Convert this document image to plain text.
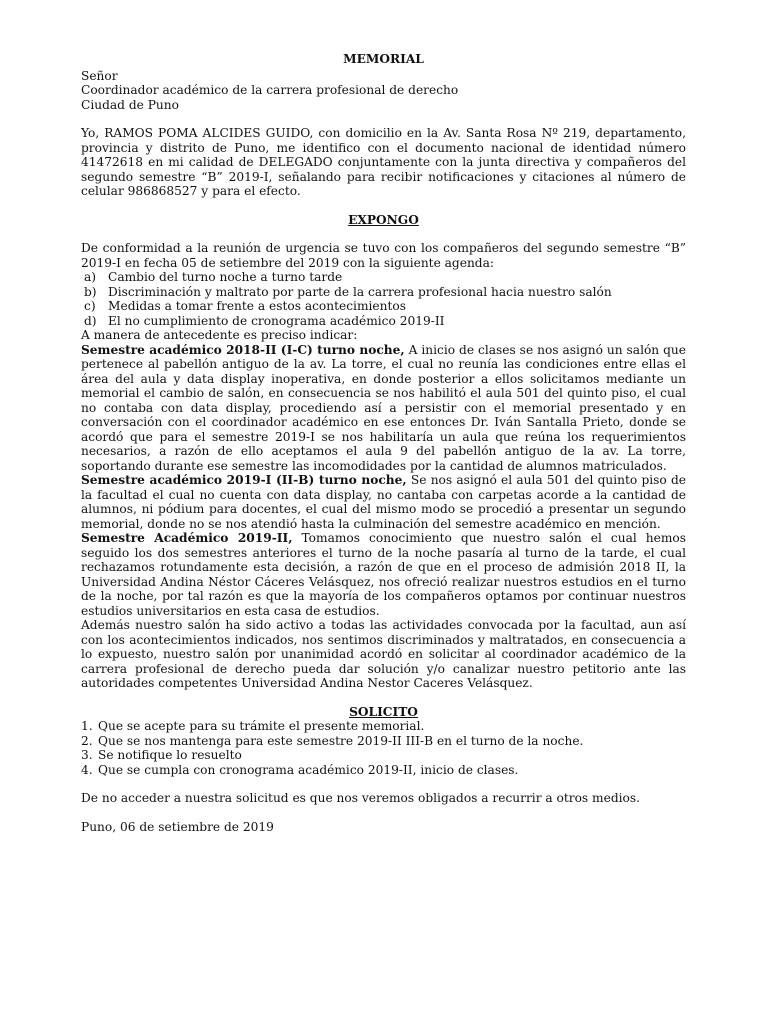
MEMORIAL

Señor

Coordinador académico de la carrera profesional de derecho

Ciudad de Puno

Yo, RAMOS POMA ALCIDES GUIDO, con domicilio en la Av. Santa Rosa Nº 219, departamento, provincia y distrito de Puno, me identifico con el documento nacional de identidad número 41472618 en mi calidad de DELEGADO conjuntamente con la junta directiva y compañeros del segundo semestre “B” 2019-I, señalando para recibir notificaciones y citaciones al número de celular 986868527 y para el efecto.

EXPONGO

De conformidad a la reunión de urgencia se tuvo con los compañeros del segundo semestre “B” 2019-I en fecha 05 de setiembre del 2019 con la siguiente agenda:

a) Cambio del turno noche a turno tarde
b) Discriminación y maltrato por parte de la carrera profesional hacia nuestro salón
c)	Medidas a tomar frente a estos acontecimientos
d) El no cumplimiento de cronograma académico 2019-II

A manera de antecedente es preciso indicar:

Semestre académico 2018-II (I-C) turno noche, A inicio de clases se nos asignó un salón que pertenece al pabellón antiguo de la av. La torre, el cual no reunía las condiciones entre ellas el área del aula y data display inoperativa, en donde posterior a ellos solicitamos mediante un memorial el cambio de salón, en consecuencia se nos habilitó el aula 501 del quinto piso, el cual no contaba con data display, procediendo así a persistir con el memorial presentado y en conversación con el coordinador académico en ese entonces Dr. Iván Santalla Prieto, donde se acordó que para el semestre 2019-I se nos habilitaría un aula que reúna los requerimientos necesarios, a razón de ello aceptamos el aula 9 del pabellón antiguo de la av. La torre, soportando durante ese semestre las incomodidades por la cantidad de alumnos matriculados.

Semestre académico 2019-I (II-B) turno noche, Se nos asignó el aula 501 del quinto piso de la facultad el cual no cuenta con data display, no cantaba con carpetas acorde a la cantidad de alumnos, ni pódium para docentes, el cual del mismo modo se procedió a presentar un segundo memorial, donde no se nos atendió hasta la culminación del semestre académico en mención.

Semestre Académico 2019-II, Tomamos conocimiento que nuestro salón el cual hemos seguido los dos semestres anteriores el turno de la noche pasaría al turno de la tarde, el cual rechazamos rotundamente esta decisión, a razón de que en el proceso de admisión 2018 II, la Universidad Andina Néstor Cáceres Velásquez, nos ofreció realizar nuestros estudios en el turno de la noche, por tal razón es que la mayoría de los compañeros optamos por continuar nuestros estudios universitarios en esta casa de estudios.

Además nuestro salón ha sido activo a todas las actividades convocada por la facultad, aun así con los acontecimientos indicados, nos sentimos discriminados y maltratados, en consecuencia a lo expuesto, nuestro salón por unanimidad acordó en solicitar al coordinador académico de la carrera profesional de derecho pueda dar solución y/o canalizar nuestro petitorio ante las autoridades competentes Universidad Andina Nestor Caceres Velásquez.

SOLICITO

1. Que se acepte para su trámite el presente memorial.
2. Que se nos mantenga para este semestre 2019-II III-B en el turno de la noche.
3. Se notifique lo resuelto
4. Que se cumpla con cronograma académico 2019-II, inicio de clases.

De no acceder a nuestra solicitud es que nos veremos obligados a recurrir a otros medios.

Puno, 06 de setiembre de 2019
